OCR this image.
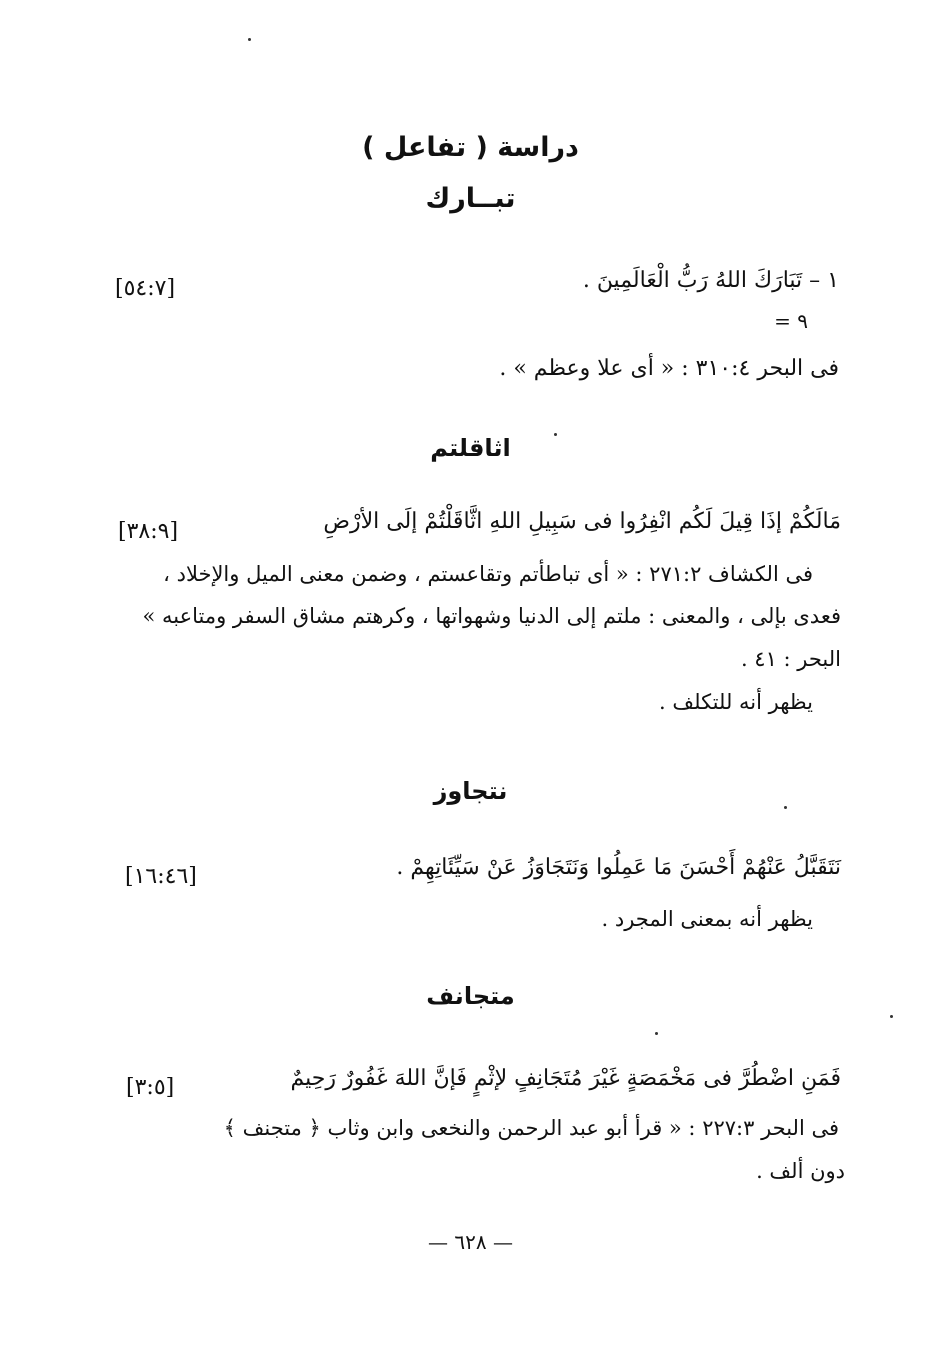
دراسة ( تفاعل )
تبــارك
١ – تَبَارَكَ اللهُ رَبُّ الْعَالَمِينَ .
[٥٤:٧]
٩ =
فى البحر ٣١٠:٤ : « أى علا وعظم » .
اثاقلتم
مَالَكُمْ إذَا قِيلَ لَكُم انْفِرُوا فى سَبِيلِ اللهِ اثَّاقَلْتُمْ إلَى الأرْضِ
[٣٨:٩]
فى الكشاف ٢٧١:٢ : « أى تباطأتم وتقاعستم ، وضمن معنى الميل والإخلاد ،
فعدى بإلى ، والمعنى : ملتم إلى الدنيا وشهواتها ، وكرهتم مشاق السفر ومتاعبه »
البحر : ٤١ .
يظهر أنه للتكلف .
نتجاوز
نَتَقَبَّلُ عَنْهُمْ أَحْسَنَ مَا عَمِلُوا وَنَتَجَاوَزُ عَنْ سَيِّئَاتِهِمْ .
[١٦:٤٦]
يظهر أنه بمعنى المجرد .
متجانف
فَمَنِ اضْطُرَّ فى مَخْمَصَةٍ غَيْرَ مُتَجَانِفٍ لإثْمٍ فَإنَّ اللهَ غَفُورٌ رَحِيمٌ
[٣:٥]
فى البحر ٢٢٧:٣ : « قرأ أبو عبد الرحمن والنخعى وابن وثاب ﴿ متجنف ﴾
دون ألف .
— ٦٢٨ —
